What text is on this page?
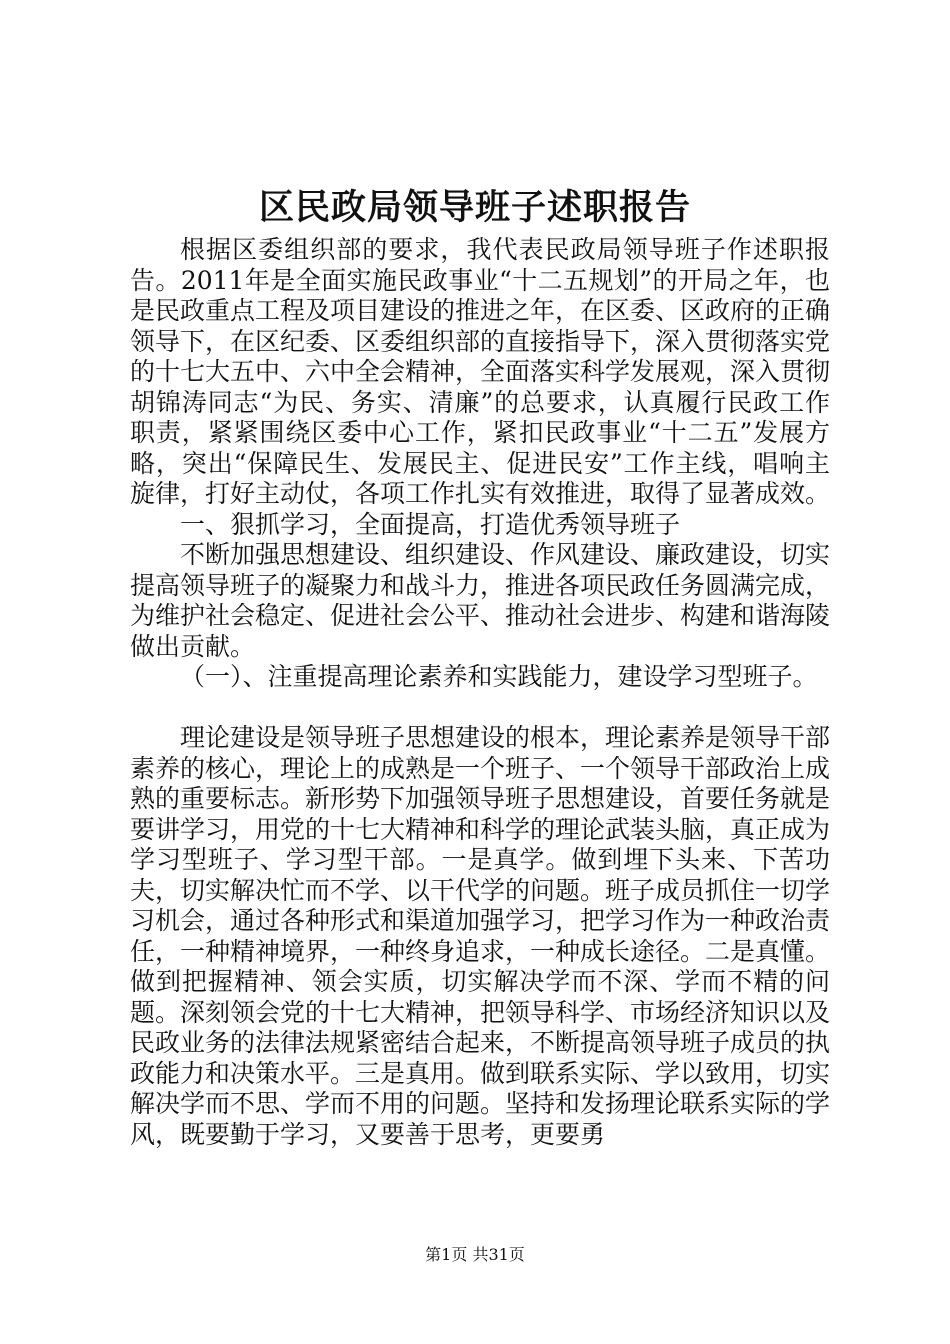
区民政局领导班子述职报告

根据区委组织部的要求，我代表民政局领导班子作述职报告。2011年是全面实施民政事业“十二五规划”的开局之年，也是民政重点工程及项目建设的推进之年，在区委、区政府的正确领导下，在区纪委、区委组织部的直接指导下，深入贯彻落实党的十七大五中、六中全会精神，全面落实科学发展观，深入贯彻胡锦涛同志“为民、务实、清廉”的总要求，认真履行民政工作职责，紧紧围绕区委中心工作，紧扣民政事业“十二五”发展方略，突出“保障民生、发展民主、促进民安”工作主线，唱响主旋律，打好主动仗，各项工作扎实有效推进，取得了显著成效。

一、狠抓学习，全面提高，打造优秀领导班子

不断加强思想建设、组织建设、作风建设、廉政建设，切实提高领导班子的凝聚力和战斗力，推进各项民政任务圆满完成，为维护社会稳定、促进社会公平、推动社会进步、构建和谐海陵做出贡献。

（一）、注重提高理论素养和实践能力，建设学习型班子。

理论建设是领导班子思想建设的根本，理论素养是领导干部素养的核心，理论上的成熟是一个班子、一个领导干部政治上成熟的重要标志。新形势下加强领导班子思想建设，首要任务就是要讲学习，用党的十七大精神和科学的理论武装头脑，真正成为学习型班子、学习型干部。一是真学。做到埋下头来、下苦功夫，切实解决忙而不学、以干代学的问题。班子成员抓住一切学习机会，通过各种形式和渠道加强学习，把学习作为一种政治责任，一种精神境界，一种终身追求，一种成长途径。二是真懂。做到把握精神、领会实质，切实解决学而不深、学而不精的问题。深刻领会党的十七大精神，把领导科学、市场经济知识以及民政业务的法律法规紧密结合起来，不断提高领导班子成员的执政能力和决策水平。三是真用。做到联系实际、学以致用，切实解决学而不思、学而不用的问题。坚持和发扬理论联系实际的学风，既要勤于学习，又要善于思考，更要勇

第1页 共31页
